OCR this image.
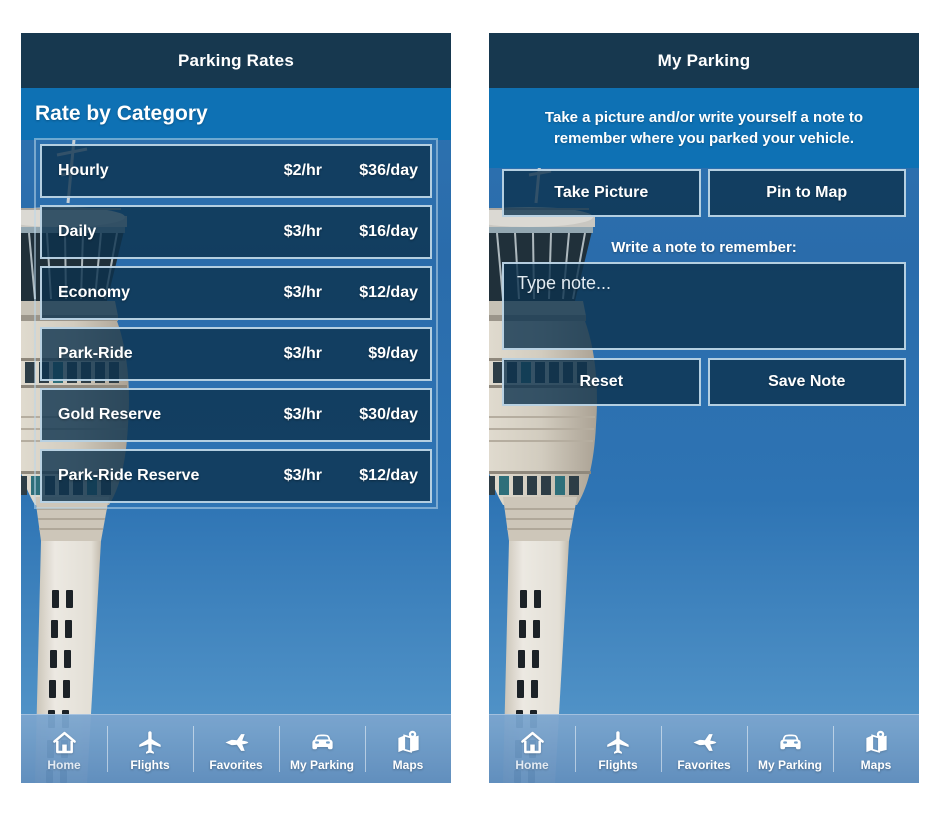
Parking Rates
Rate by Category
Hourly	$2/hr	$36/day
Daily	$3/hr	$16/day
Economy	$3/hr	$12/day
Park-Ride	$3/hr	$9/day
Gold Reserve	$3/hr	$30/day
Park-Ride Reserve	$3/hr	$12/day
Home	Flights	Favorites My Parking	Maps
My Parking
Take a picture and/or write yourself a note to remember where you parked your vehicle.
Take Picture	Pin to Map
Write a note to remember:
Type note...
Reset	Save Note
Home	Flights	Favorites My Parking	Maps
